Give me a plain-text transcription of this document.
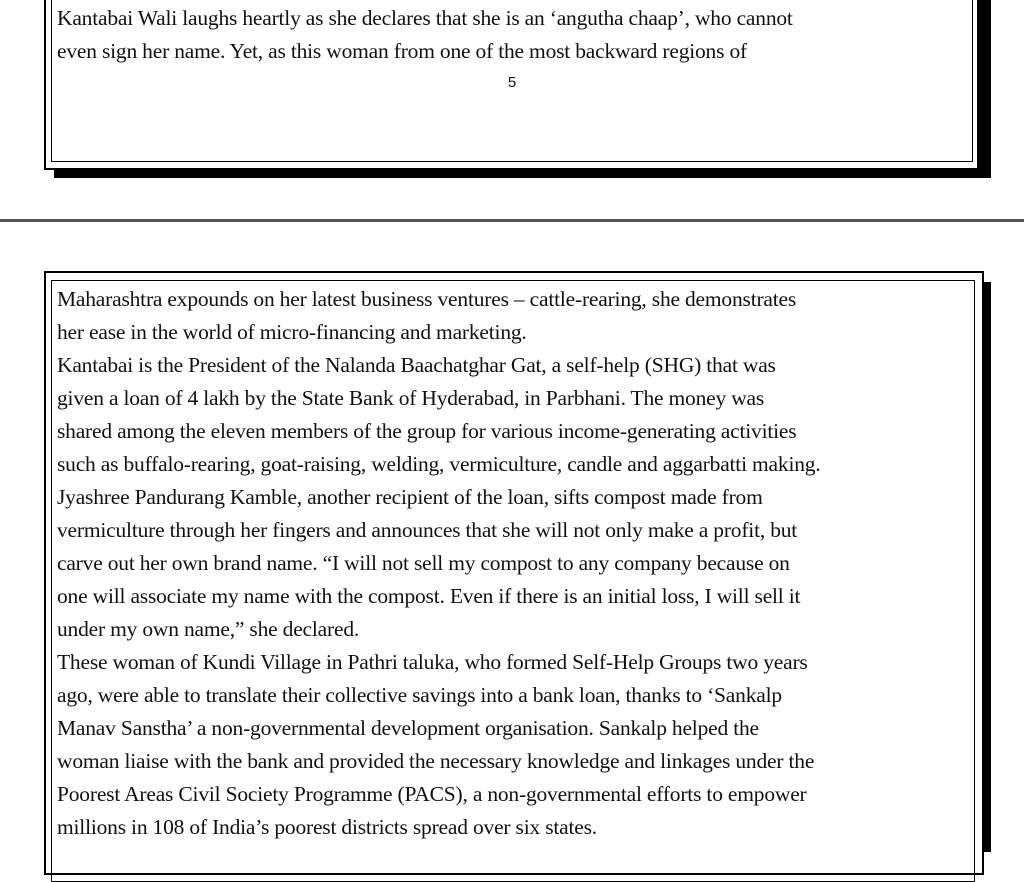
Kantabai Wali laughs heartly as she declares that she is an ‘angutha chaap’, who cannot
even sign her name. Yet, as this woman from one of the most backward regions of
5
Maharashtra expounds on her latest business ventures – cattle-rearing, she demonstrates
her ease in the world of micro-financing and marketing.
Kantabai is the President of the Nalanda Baachatghar Gat, a self-help (SHG) that was
given a loan of 4 lakh by the State Bank of Hyderabad, in Parbhani. The money was
shared among the eleven members of the group for various income-generating activities
such as buffalo-rearing, goat-raising, welding, vermiculture, candle and aggarbatti making.
Jyashree Pandurang Kamble, another recipient of the loan, sifts compost made from
vermiculture through her fingers and announces that she will not only make a profit, but
carve out her own brand name. “I will not sell my compost to any company because on
one will associate my name with the compost. Even if there is an initial loss, I will sell it
under my own name,” she declared.
These woman of Kundi Village in Pathri taluka, who formed Self-Help Groups two years
ago, were able to translate their collective savings into a bank loan, thanks to ‘Sankalp
Manav Sanstha’ a non-governmental development organisation. Sankalp helped the
woman liaise with the bank and provided the necessary knowledge and linkages under the
Poorest Areas Civil Society Programme (PACS), a non-governmental efforts to empower
millions in 108 of India’s poorest districts spread over six states.
